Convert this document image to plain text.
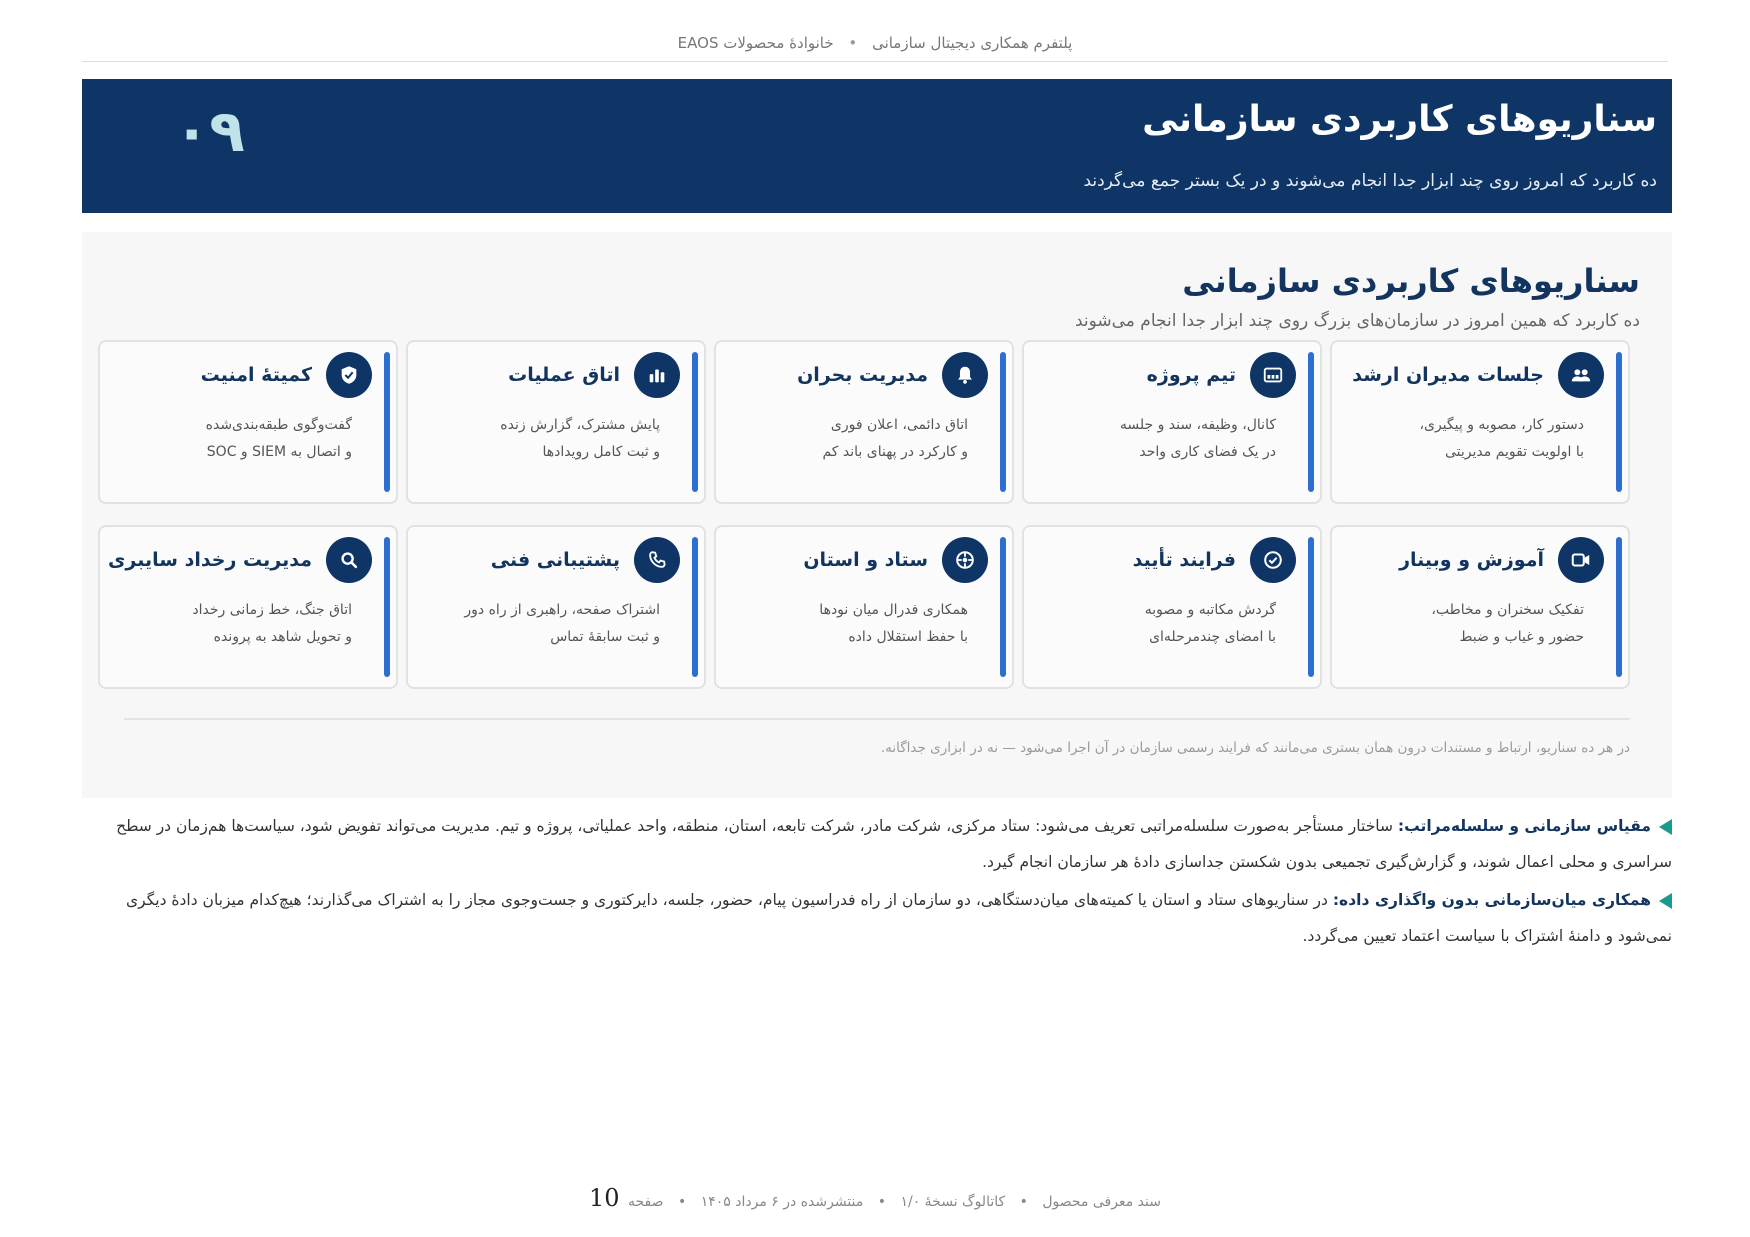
پلتفرم همکاری دیجیتال سازمانی • خانوادهٔ محصولات EAOS
سناریوهای کاربردی سازمانی
ده کاربرد که امروز روی چند ابزار جدا انجام می‌شوند و در یک بستر جمع می‌گردند
۰۹
سناریوهای کاربردی سازمانی
ده کاربرد که همین امروز در سازمان‌های بزرگ روی چند ابزار جدا انجام می‌شوند
جلسات مدیران ارشد
دستور کار، مصوبه و پیگیری،
با اولویت تقویم مدیریتی
تیم پروژه
کانال، وظیفه، سند و جلسه
در یک فضای کاری واحد
مدیریت بحران
اتاق دائمی، اعلان فوری
و کارکرد در پهنای باند کم
اتاق عملیات
پایش مشترک، گزارش زنده
و ثبت کامل رویدادها
کمیتهٔ امنیت
گفت‌وگوی طبقه‌بندی‌شده
و اتصال به SIEM و SOC
آموزش و وبینار
تفکیک سخنران و مخاطب،
حضور و غیاب و ضبط
فرایند تأیید
گردش مکاتبه و مصوبه
با امضای چندمرحله‌ای
ستاد و استان
همکاری فدرال میان نودها
با حفظ استقلال داده
پشتیبانی فنی
اشتراک صفحه، راهبری از راه دور
و ثبت سابقهٔ تماس
مدیریت رخداد سایبری
اتاق جنگ، خط زمانی رخداد
و تحویل شاهد به پرونده
در هر ده سناریو، ارتباط و مستندات درون همان بستری می‌مانند که فرایند رسمی سازمان در آن اجرا می‌شود — نه در ابزاری جداگانه.

مقیاس سازمانی و سلسله‌مراتب: ساختار مستأجر به‌صورت سلسله‌مراتبی تعریف می‌شود: ستاد مرکزی، شرکت مادر، شرکت تابعه، استان، منطقه، واحد عملیاتی، پروژه و تیم. مدیریت می‌تواند تفویض شود، سیاست‌ها هم‌زمان در سطح سراسری و محلی اعمال شوند، و گزارش‌گیری تجمیعی بدون شکستن جداسازی دادهٔ هر سازمان انجام گیرد.

همکاری میان‌سازمانی بدون واگذاری داده: در سناریوهای ستاد و استان یا کمیته‌های میان‌دستگاهی، دو سازمان از راه فدراسیون پیام، حضور، جلسه، دایرکتوری و جست‌وجوی مجاز را به اشتراک می‌گذارند؛ هیچ‌کدام میزبان دادهٔ دیگری نمی‌شود و دامنهٔ اشتراک با سیاست اعتماد تعیین می‌گردد.

سند معرفی محصول • کاتالوگ نسخهٔ ۱/۰ • منتشرشده در ۶ مرداد ۱۴۰۵ • صفحه 10
